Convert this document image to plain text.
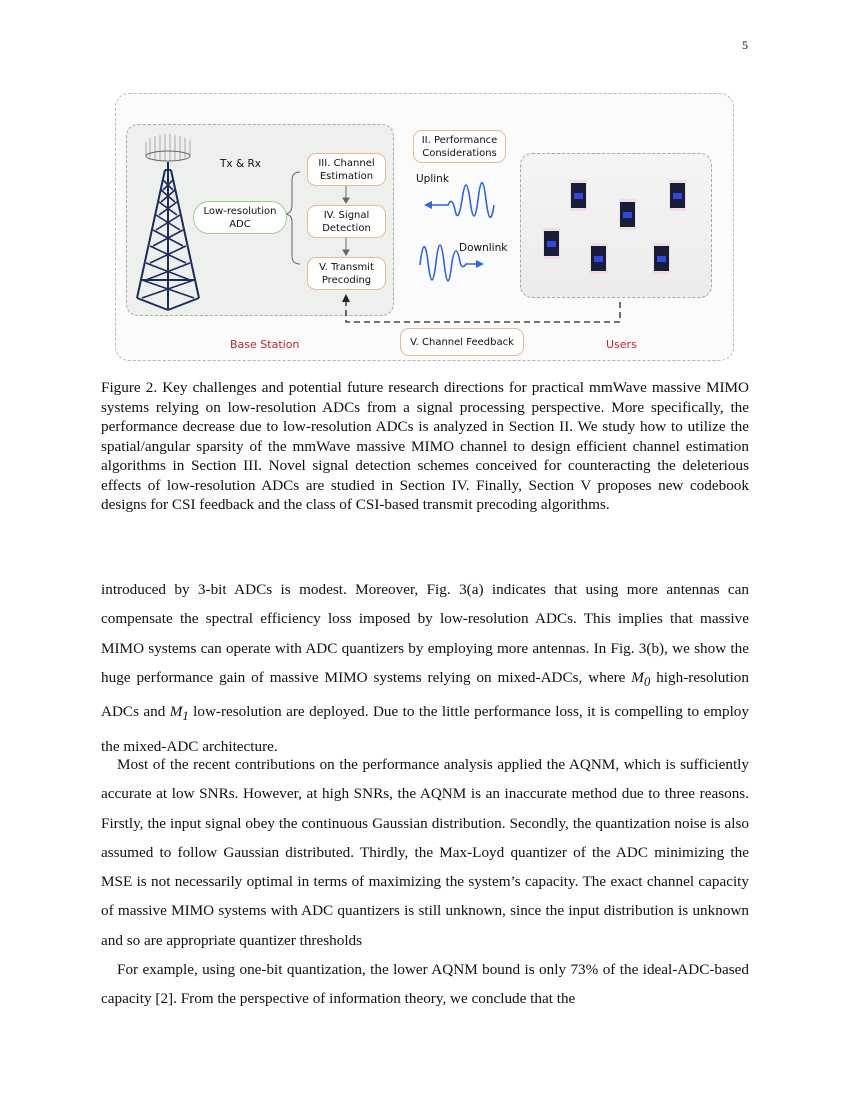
5
Tx & Rx
Uplink
Downlink
Low-resolution
ADC
III. Channel
Estimation
IV. Signal
Detection
V. Transmit
Precoding
II. Performance
Considerations
V. Channel Feedback
Base Station	Users
Figure 2. Key challenges and potential future research directions for practical mmWave massive MIMO systems relying on low-resolution ADCs from a signal processing perspective. More specifically, the performance decrease due to low-resolution ADCs is analyzed in Section II. We study how to utilize the spatial/angular sparsity of the mmWave massive MIMO channel to design efficient channel estimation algorithms in Section III. Novel signal detection schemes conceived for counteracting the deleterious effects of low-resolution ADCs are studied in Section IV. Finally, Section V proposes new codebook designs for CSI feedback and the class of CSI-based transmit precoding algorithms.

introduced by 3-bit ADCs is modest. Moreover, Fig. 3(a) indicates that using more antennas can compensate the spectral efficiency loss imposed by low-resolution ADCs. This implies that massive MIMO systems can operate with ADC quantizers by employing more antennas. In Fig. 3(b), we show the huge performance gain of massive MIMO systems relying on mixed-ADCs, where $M_0$ high-resolution ADCs and $M_1$ low-resolution are deployed. Due to the little performance loss, it is compelling to employ the mixed-ADC architecture.

Most of the recent contributions on the performance analysis applied the AQNM, which is sufficiently accurate at low SNRs. However, at high SNRs, the AQNM is an inaccurate method due to three reasons. Firstly, the input signal obey the continuous Gaussian distribution. Secondly, the quantization noise is also assumed to follow Gaussian distributed. Thirdly, the Max-Loyd quantizer of the ADC minimizing the MSE is not necessarily optimal in terms of maximizing the system’s capacity. The exact channel capacity of massive MIMO systems with ADC quantizers is still unknown, since the input distribution is unknown and so are appropriate quantizer thresholds

For example, using one-bit quantization, the lower AQNM bound is only 73% of the ideal-ADC-based capacity [2]. From the perspective of information theory, we conclude that the
